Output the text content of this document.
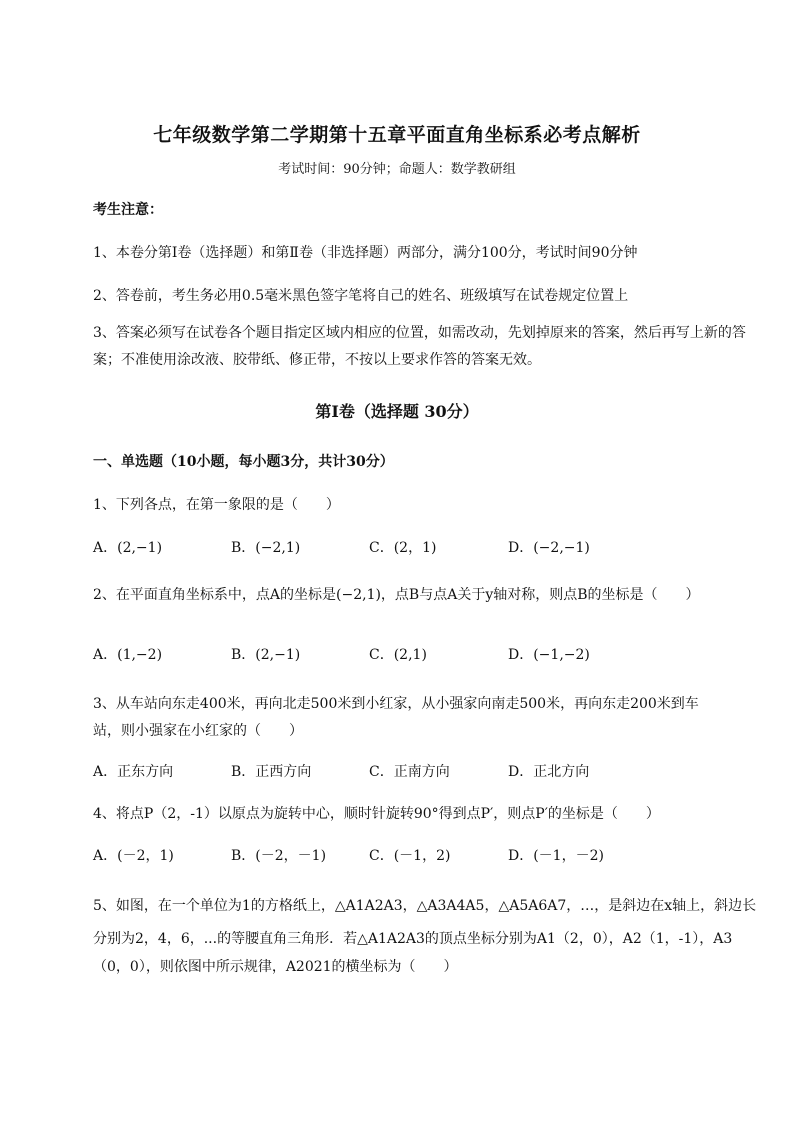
七年级数学第二学期第十五章平面直角坐标系必考点解析
考试时间：90分钟；命题人：数学教研组
考生注意：
1、本卷分第I卷（选择题）和第Ⅱ卷（非选择题）两部分，满分100分，考试时间90分钟
2、答卷前，考生务必用0.5毫米黑色签字笔将自己的姓名、班级填写在试卷规定位置上
3、答案必须写在试卷各个题目指定区域内相应的位置，如需改动，先划掉原来的答案，然后再写上新的答案；不准使用涂改液、胶带纸、修正带，不按以上要求作答的答案无效。
第I卷（选择题 30分）
一、单选题（10小题，每小题3分，共计30分）
1、下列各点，在第一象限的是（　　）
A．(2,−1)	B．(−2,1)	C．(2，1)	D．(−2,−1)
2、在平面直角坐标系中，点A的坐标是(−2,1)，点B与点A关于y轴对称，则点B的坐标是（　　）
A．(1,−2)	B．(2,−1)	C．(2,1)	D．(−1,−2)
3、从车站向东走400米，再向北走500米到小红家，从小强家向南走500米，再向东走200米到车
站，则小强家在小红家的（　　）
A．正东方向	B．正西方向	C．正南方向	D．正北方向
4、将点P（2，-1）以原点为旋转中心，顺时针旋转90°得到点P′，则点P′的坐标是（　　）
A．(－2，1)	B．(－2，－1)	C．(－1，2)	D．(－1，－2)
5、如图，在一个单位为1的方格纸上，△A1A2A3，△A3A4A5，△A5A6A7，…，是斜边在x轴上，斜边长
分别为2，4，6，...的等腰直角三角形．若△A1A2A3的顶点坐标分别为A1（2，0），A2（1，-1），A3
（0，0），则依图中所示规律，A2021的横坐标为（　　）
